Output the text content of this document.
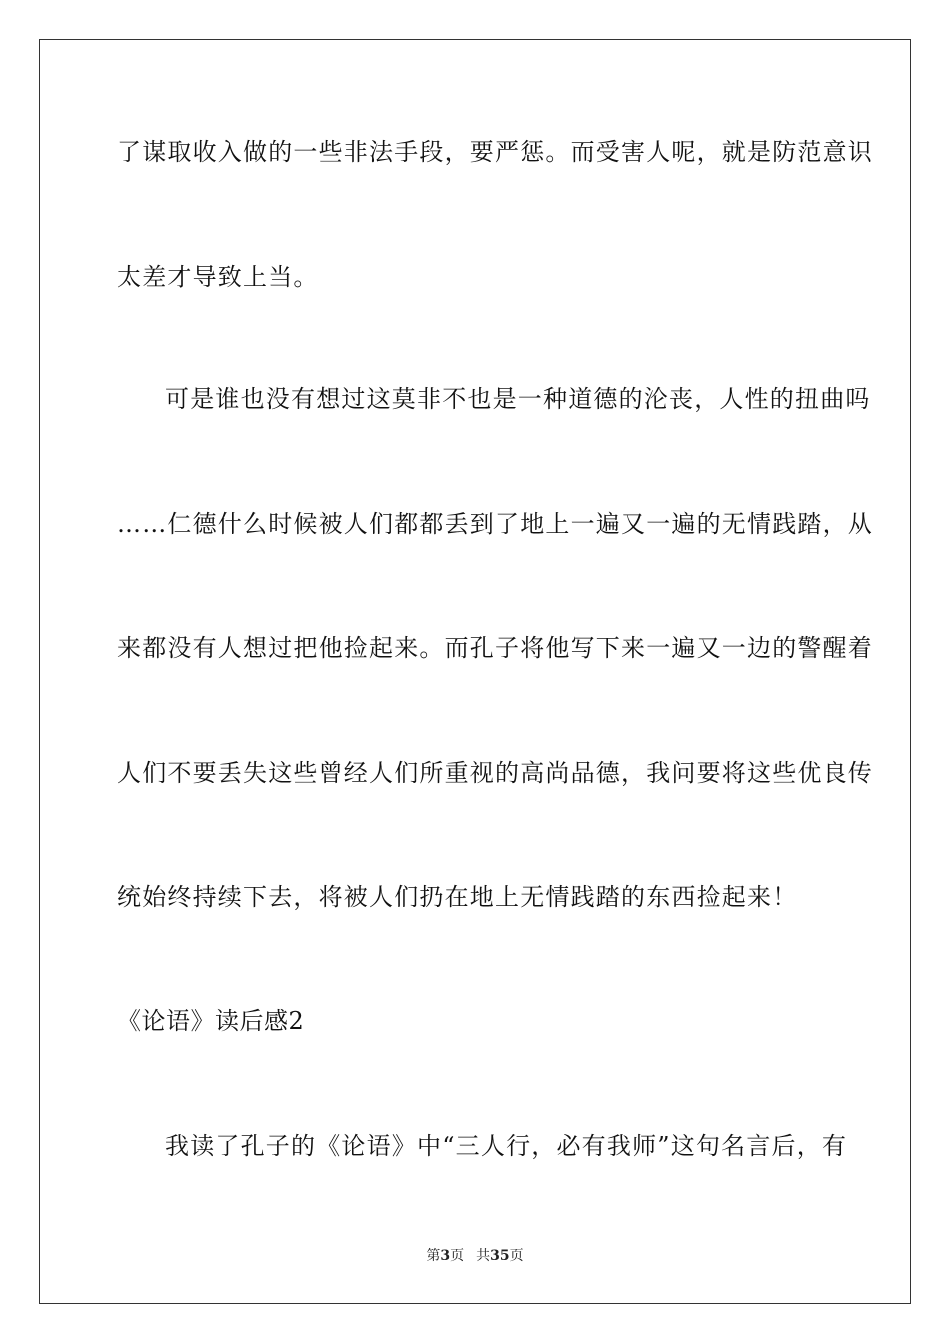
了谋取收入做的一些非法手段，要严惩。而受害人呢，就是防范意识
太差才导致上当。
可是谁也没有想过这莫非不也是一种道德的沦丧，人性的扭曲吗
……仁德什么时候被人们都都丢到了地上一遍又一遍的无情践踏，从
来都没有人想过把他捡起来。而孔子将他写下来一遍又一边的警醒着
人们不要丢失这些曾经人们所重视的高尚品德，我问要将这些优良传
统始终持续下去，将被人们扔在地上无情践踏的东西捡起来！
《论语》读后感2
我读了孔子的《论语》中“三人行，必有我师”这句名言后，有
第3页 共35页
